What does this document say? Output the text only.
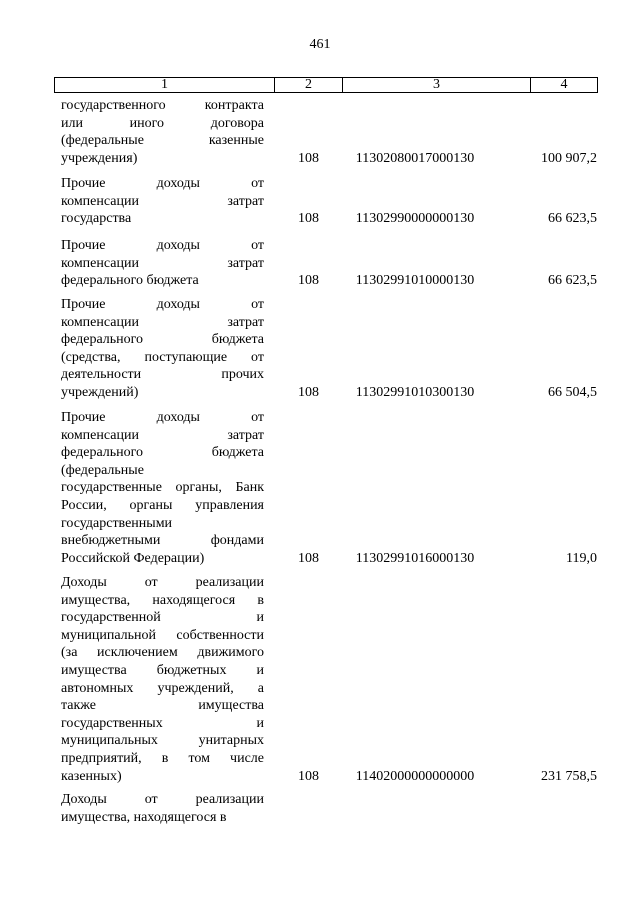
461
1	2	3	4
государственного контракта
или иного договора
(федеральные казенные
учреждения)	108	11302080017000130	100 907,2
Прочие доходы от
компенсации затрат
государства	108	11302990000000130	66 623,5
Прочие доходы от
компенсации затрат
федерального бюджета	108	11302991010000130	66 623,5
Прочие доходы от
компенсации затрат
федерального бюджета
(средства, поступающие от
деятельности прочих
учреждений)	108	11302991010300130	66 504,5
Прочие доходы от
компенсации затрат
федерального бюджета
(федеральные
государственные органы, Банк
России, органы управления
государственными
внебюджетными фондами
Российской Федерации)	108	11302991016000130	119,0
Доходы от реализации
имущества, находящегося в
государственной и
муниципальной собственности
(за исключением движимого
имущества бюджетных и
автономных учреждений, а
также имущества
государственных и
муниципальных унитарных
предприятий, в том числе
казенных)	108	11402000000000000	231 758,5
Доходы от реализации
имущества, находящегося в
